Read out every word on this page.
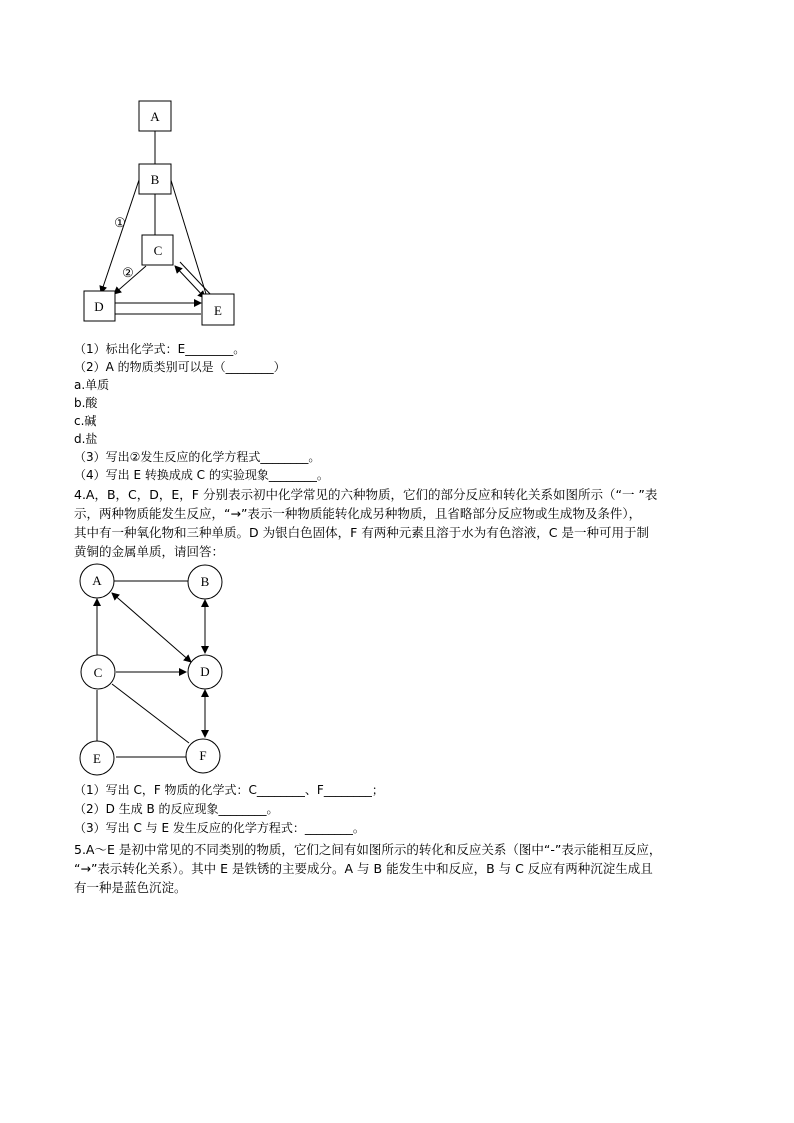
A
B
C
D	E
①
②
（1）标出化学式：E________。
（2）A 的物质类别可以是（________）
a.单质
b.酸
c.碱
d.盐
（3）写出②发生反应的化学方程式________。
（4）写出 E 转换成成 C 的实验现象________。
4.A，B，C，D，E，F 分别表示初中化学常见的六种物质，它们的部分反应和转化关系如图所示（“一 ”表
示，两种物质能发生反应，“→”表示一种物质能转化成另种物质，且省略部分反应物或生成物及条件），
其中有一种氧化物和三种单质。D 为银白色固体，F 有两种元素且溶于水为有色溶液，C 是一种可用于制
黄铜的金属单质，请回答：
A	B
C	D
E	F
（1）写出 C，F 物质的化学式：C________、F________；
（2）D 生成 B 的反应现象________。
（3）写出 C 与 E 发生反应的化学方程式：________。
5.A～E 是初中常见的不同类别的物质，它们之间有如图所示的转化和反应关系（图中“-”表示能相互反应，
“→”表示转化关系）。其中 E 是铁锈的主要成分。A 与 B 能发生中和反应，B 与 C 反应有两种沉淀生成且
有一种是蓝色沉淀。
